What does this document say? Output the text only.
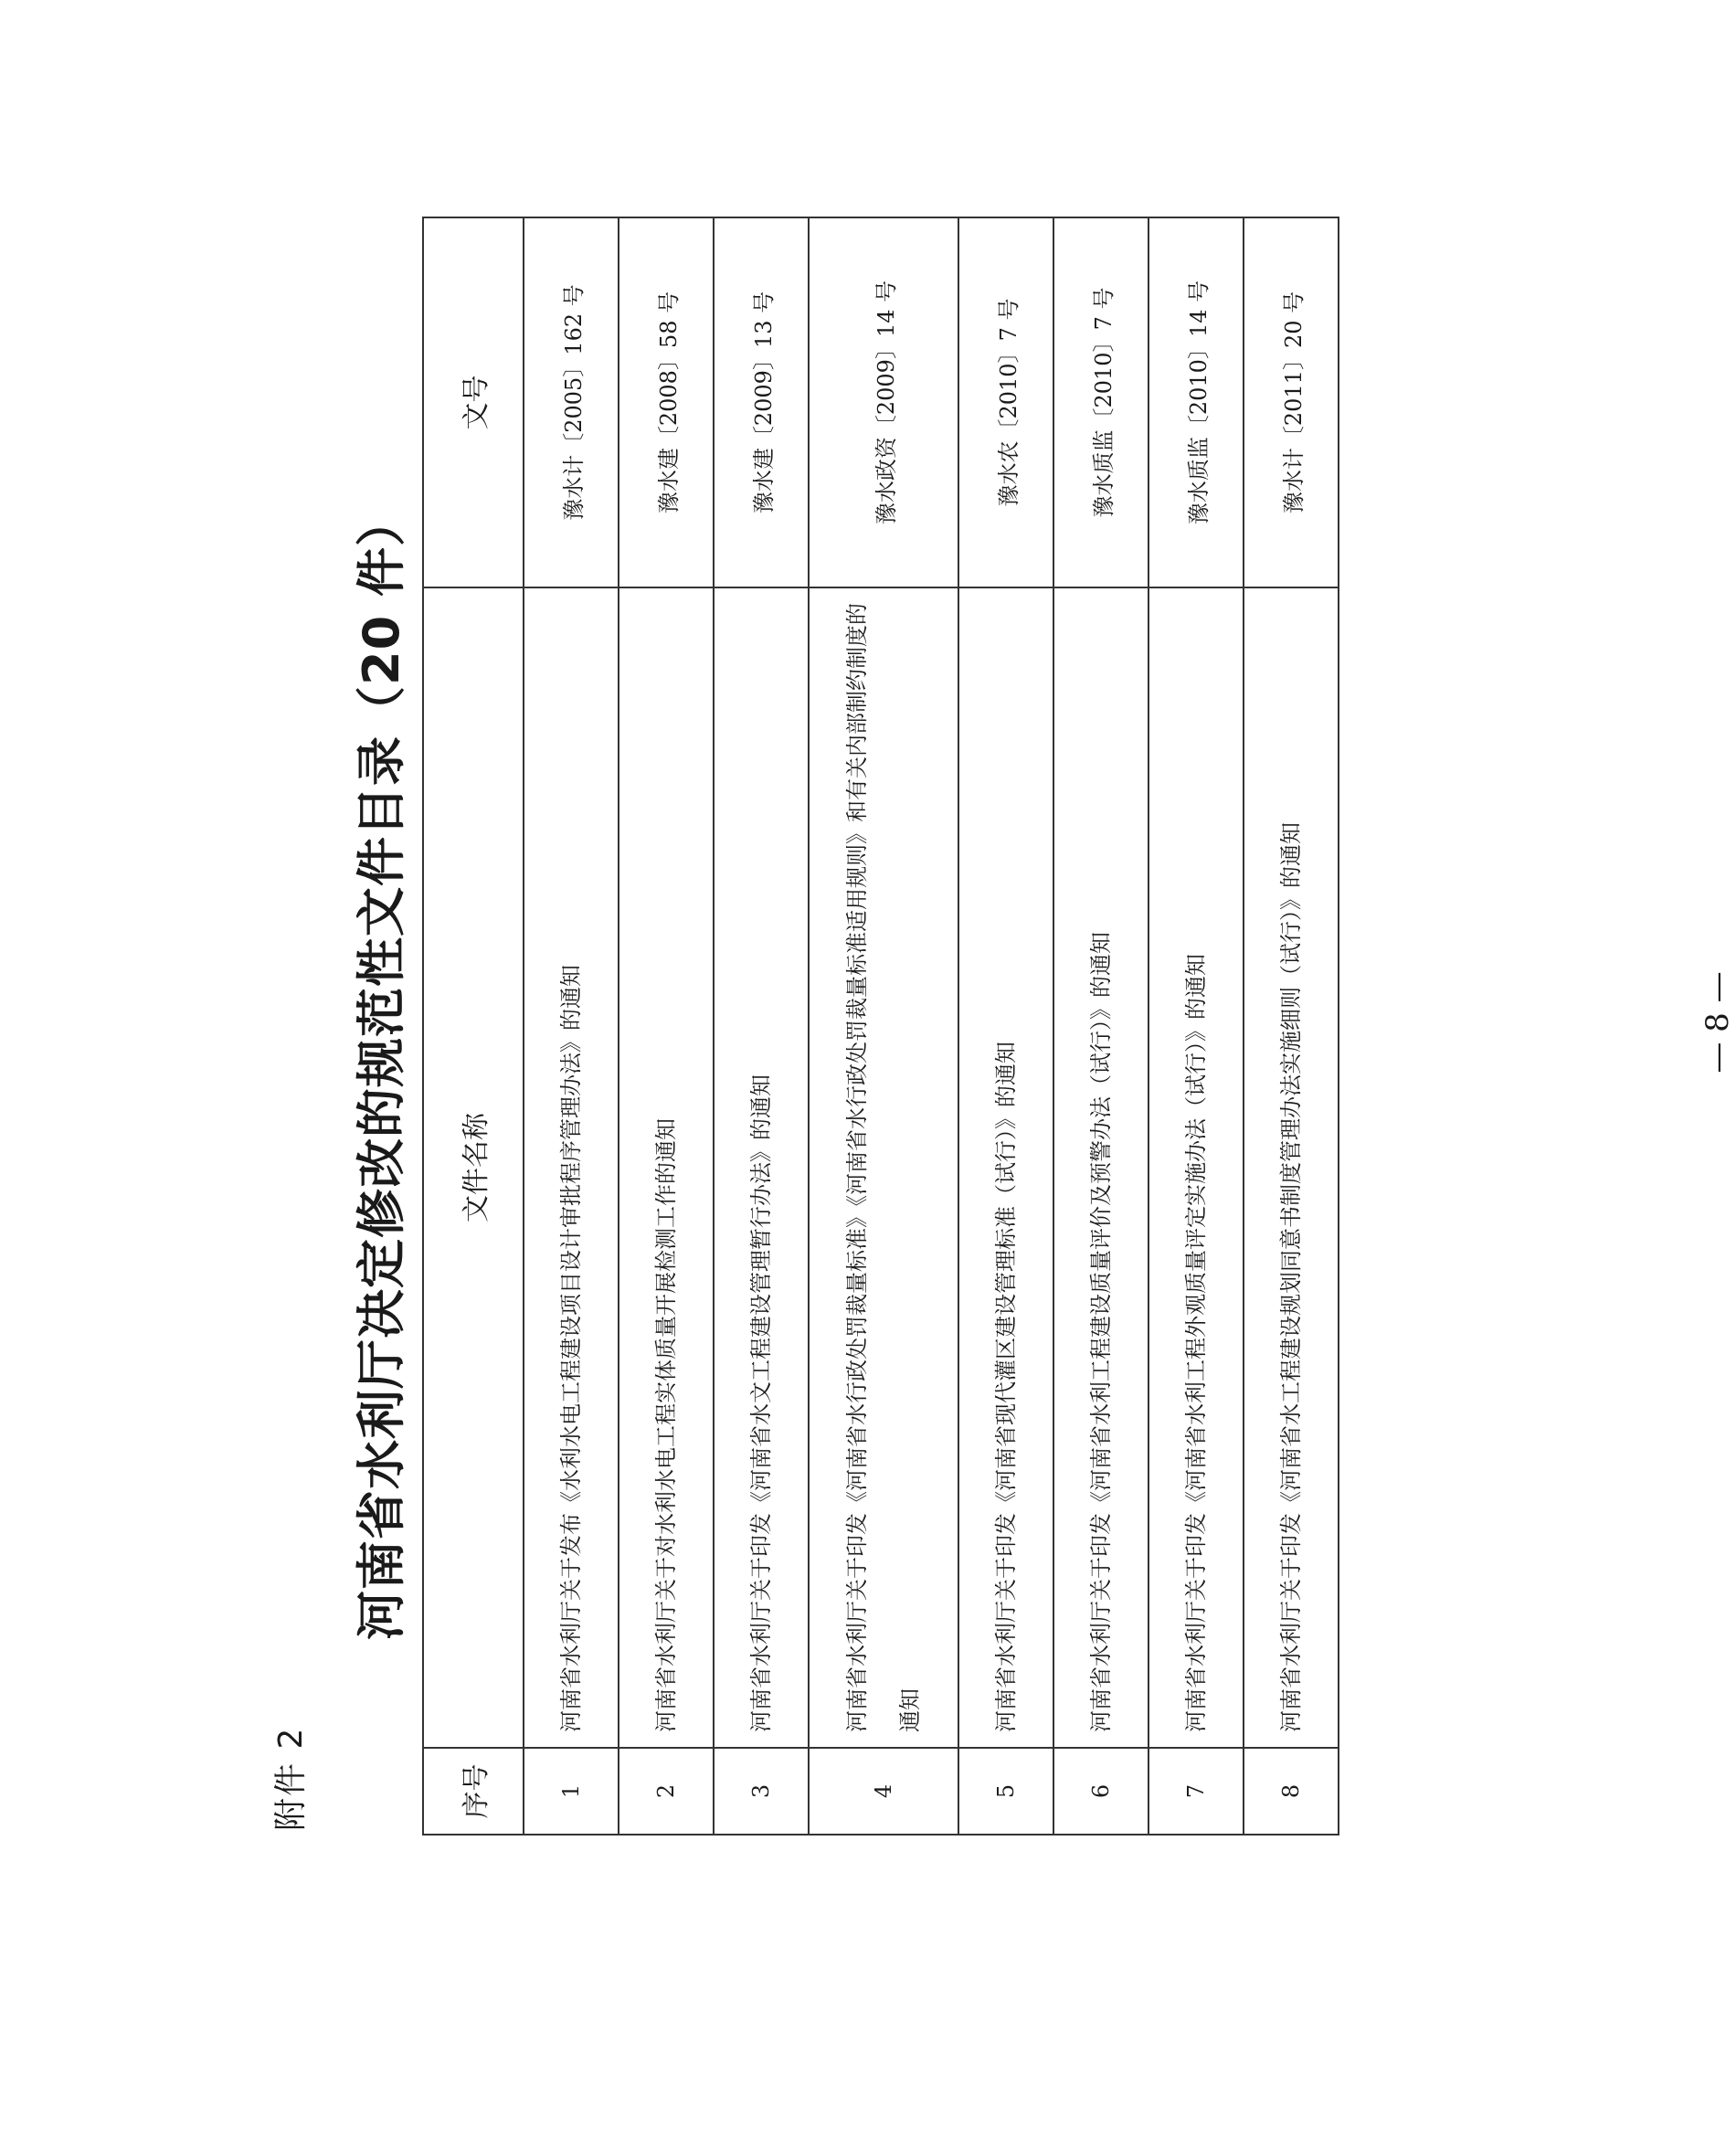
附件 2
河南省水利厅决定修改的规范性文件目录（20 件）
序号	文件名称	文号
1	河南省水利厅关于发布《水利水电工程建设项目设计审批程序管理办法》的通知	豫水计〔2005〕162 号
2	河南省水利厅关于对水利水电工程实体质量开展检测工作的通知	豫水建〔2008〕58 号
3	河南省水利厅关于印发《河南省水文工程建设管理暂行办法》的通知	豫水建〔2009〕13 号
4	河南省水利厅关于印发《河南省水行政处罚裁量标准》《河南省水行政处罚裁量标准适用规则》和有关内部制约制度的通知	豫水政资〔2009〕14 号
5	河南省水利厅关于印发《河南省现代灌区建设管理标准（试行）》的通知	豫水农〔2010〕7 号
6	河南省水利厅关于印发《河南省水利工程建设质量评价及预警办法（试行）》的通知	豫水质监〔2010〕7 号
7	河南省水利厅关于印发《河南省水利工程外观质量评定实施办法（试行）》的通知	豫水质监〔2010〕14 号
8	河南省水利厅关于印发《河南省水工程建设规划同意书制度管理办法实施细则（试行）》的通知	豫水计〔2011〕20 号
— 8 —
